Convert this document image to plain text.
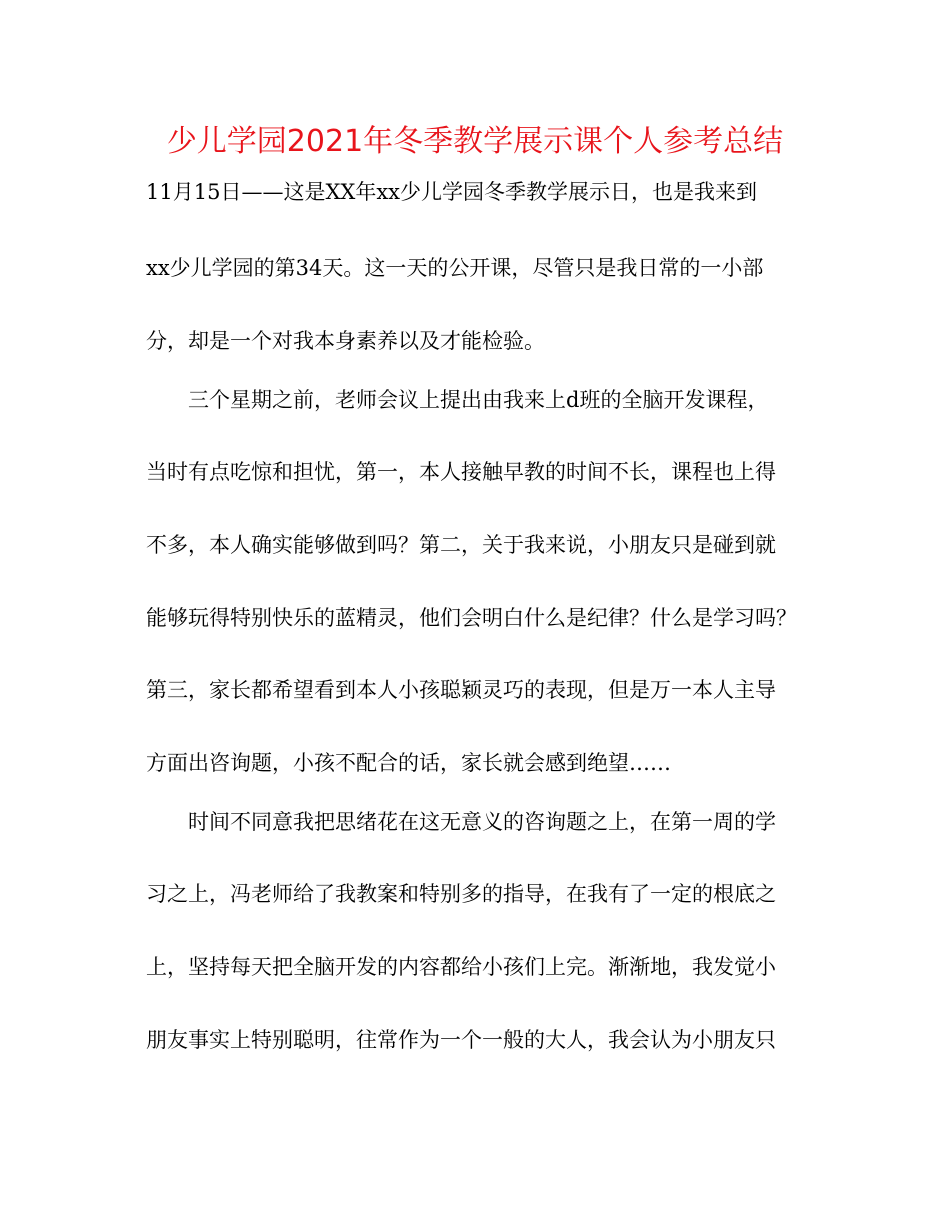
少儿学园2021年冬季教学展示课个人参考总结

11月15日——这是XX年xx少儿学园冬季教学展示日，也是我来到

xx少儿学园的第34天。这一天的公开课，尽管只是我日常的一小部

分，却是一个对我本身素养以及才能检验。

三个星期之前，老师会议上提出由我来上d班的全脑开发课程，

当时有点吃惊和担忧，第一，本人接触早教的时间不长，课程也上得

不多，本人确实能够做到吗？第二，关于我来说，小朋友只是碰到就

能够玩得特别快乐的蓝精灵，他们会明白什么是纪律？什么是学习吗？

第三，家长都希望看到本人小孩聪颖灵巧的表现，但是万一本人主导

方面出咨询题，小孩不配合的话，家长就会感到绝望……

时间不同意我把思绪花在这无意义的咨询题之上，在第一周的学

习之上，冯老师给了我教案和特别多的指导，在我有了一定的根底之

上，坚持每天把全脑开发的内容都给小孩们上完。渐渐地，我发觉小

朋友事实上特别聪明，往常作为一个一般的大人，我会认为小朋友只
